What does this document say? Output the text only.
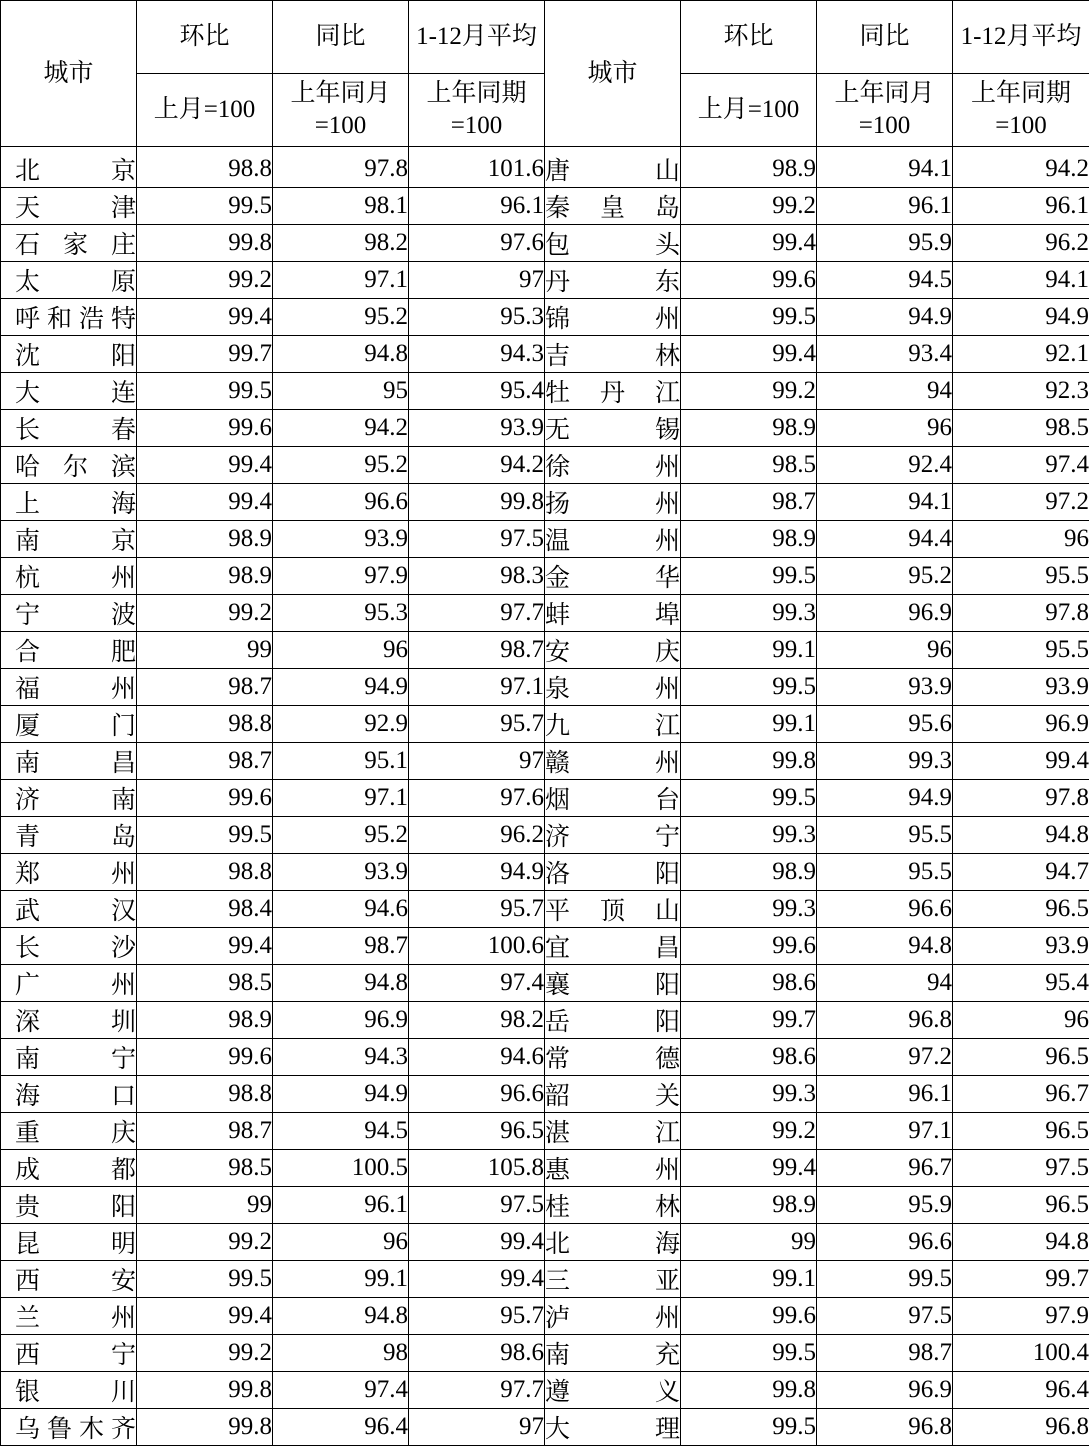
城市	环比	同比	1-12月平均	城市	环比	同比	1-12月平均
	上月=100	上年同月=100	上年同期=100		上月=100	上年同月=100	上年同期=100
北京	98.8	97.8	101.6	唐山	98.9	94.1	94.2
天津	99.5	98.1	96.1	秦皇岛	99.2	96.1	96.1
石家庄	99.8	98.2	97.6	包头	99.4	95.9	96.2
太原	99.2	97.1	97	丹东	99.6	94.5	94.1
呼和浩特	99.4	95.2	95.3	锦州	99.5	94.9	94.9
沈阳	99.7	94.8	94.3	吉林	99.4	93.4	92.1
大连	99.5	95	95.4	牡丹江	99.2	94	92.3
长春	99.6	94.2	93.9	无锡	98.9	96	98.5
哈尔滨	99.4	95.2	94.2	徐州	98.5	92.4	97.4
上海	99.4	96.6	99.8	扬州	98.7	94.1	97.2
南京	98.9	93.9	97.5	温州	98.9	94.4	96
杭州	98.9	97.9	98.3	金华	99.5	95.2	95.5
宁波	99.2	95.3	97.7	蚌埠	99.3	96.9	97.8
合肥	99	96	98.7	安庆	99.1	96	95.5
福州	98.7	94.9	97.1	泉州	99.5	93.9	93.9
厦门	98.8	92.9	95.7	九江	99.1	95.6	96.9
南昌	98.7	95.1	97	赣州	99.8	99.3	99.4
济南	99.6	97.1	97.6	烟台	99.5	94.9	97.8
青岛	99.5	95.2	96.2	济宁	99.3	95.5	94.8
郑州	98.8	93.9	94.9	洛阳	98.9	95.5	94.7
武汉	98.4	94.6	95.7	平顶山	99.3	96.6	96.5
长沙	99.4	98.7	100.6	宜昌	99.6	94.8	93.9
广州	98.5	94.8	97.4	襄阳	98.6	94	95.4
深圳	98.9	96.9	98.2	岳阳	99.7	96.8	96
南宁	99.6	94.3	94.6	常德	98.6	97.2	96.5
海口	98.8	94.9	96.6	韶关	99.3	96.1	96.7
重庆	98.7	94.5	96.5	湛江	99.2	97.1	96.5
成都	98.5	100.5	105.8	惠州	99.4	96.7	97.5
贵阳	99	96.1	97.5	桂林	98.9	95.9	96.5
昆明	99.2	96	99.4	北海	99	96.6	94.8
西安	99.5	99.1	99.4	三亚	99.1	99.5	99.7
兰州	99.4	94.8	95.7	泸州	99.6	97.5	97.9
西宁	99.2	98	98.6	南充	99.5	98.7	100.4
银川	99.8	97.4	97.7	遵义	99.8	96.9	96.4
乌鲁木齐	99.8	96.4	97	大理	99.5	96.8	96.8
